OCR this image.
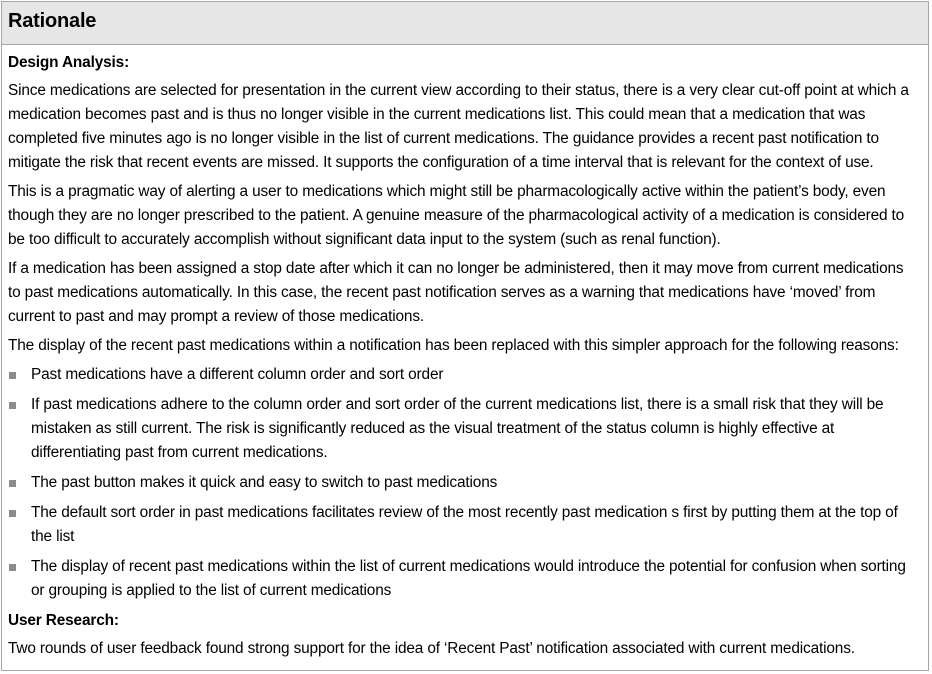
Rationale
Design Analysis:

Since medications are selected for presentation in the current view according to their status, there is a very clear cut-off point at which a medication becomes past and is thus no longer visible in the current medications list. This could mean that a medication that was completed five minutes ago is no longer visible in the list of current medications. The guidance provides a recent past notification to mitigate the risk that recent events are missed. It supports the configuration of a time interval that is relevant for the context of use.

This is a pragmatic way of alerting a user to medications which might still be pharmacologically active within the patient’s body, even though they are no longer prescribed to the patient. A genuine measure of the pharmacological activity of a medication is considered to be too difficult to accurately accomplish without significant data input to the system (such as renal function).

If a medication has been assigned a stop date after which it can no longer be administered, then it may move from current medications to past medications automatically. In this case, the recent past notification serves as a warning that medications have ‘moved’ from current to past and may prompt a review of those medications.

The display of the recent past medications within a notification has been replaced with this simpler approach for the following reasons:

Past medications have a different column order and sort order
If past medications adhere to the column order and sort order of the current medications list, there is a small risk that they will be mistaken as still current. The risk is significantly reduced as the visual treatment of the status column is highly effective at differentiating past from current medications.
The past button makes it quick and easy to switch to past medications
The default sort order in past medications facilitates review of the most recently past medication s first by putting them at the top of the list
The display of recent past medications within the list of current medications would introduce the potential for confusion when sorting or grouping is applied to the list of current medications
User Research:

Two rounds of user feedback found strong support for the idea of ‘Recent Past’ notification associated with current medications.
